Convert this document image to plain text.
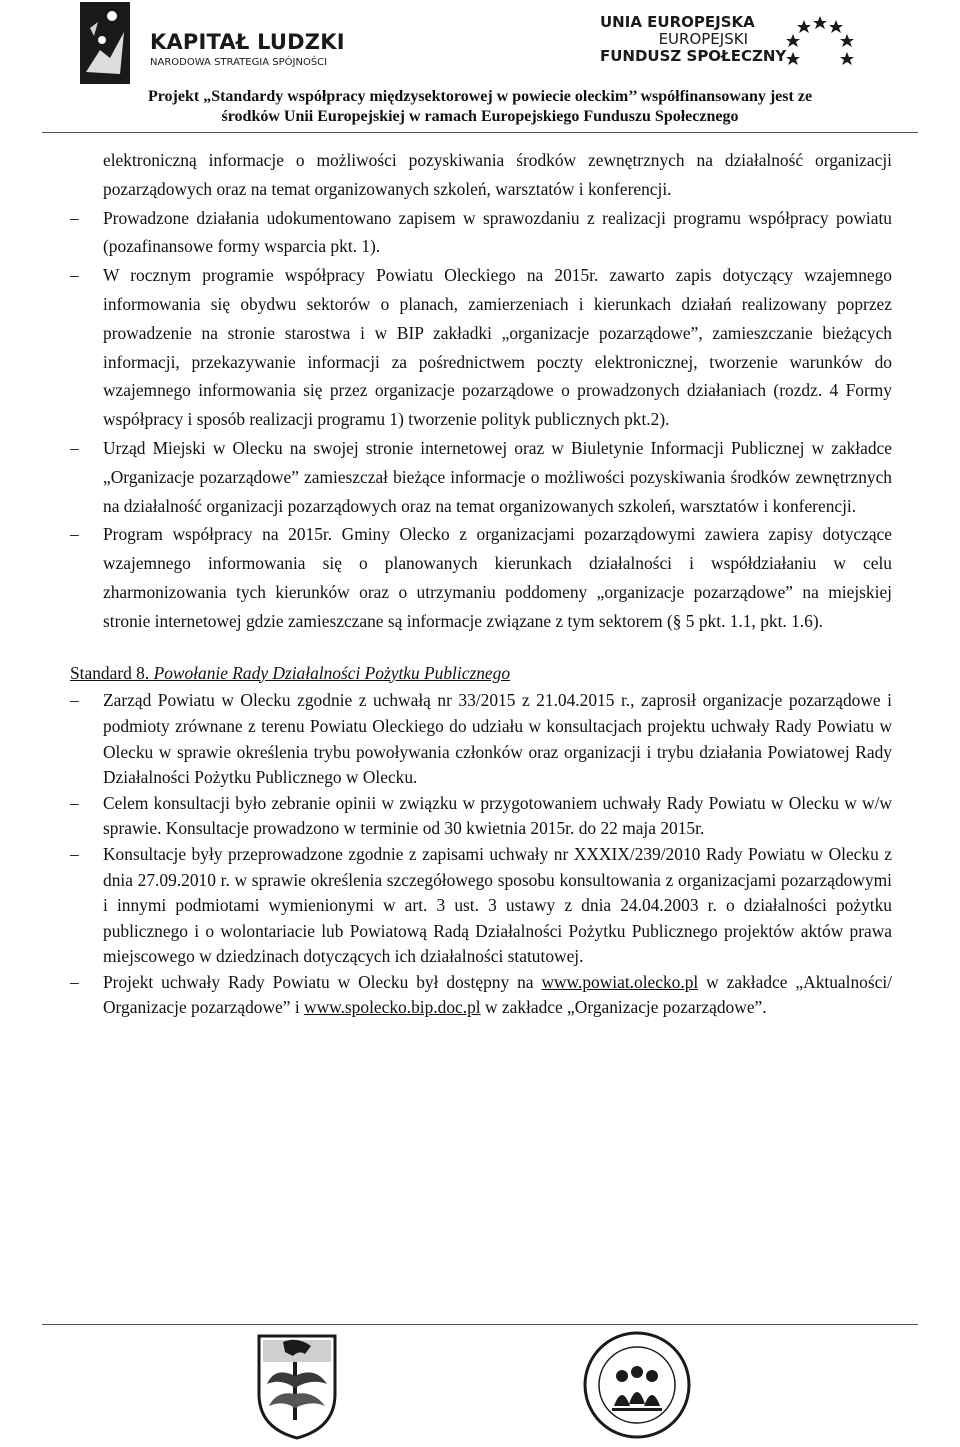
KAPITAŁ LUDZKI
NARODOWA STRATEGIA SPÓJNOŚCI
UNIA EUROPEJSKA
EUROPEJSKI
FUNDUSZ SPOŁECZNY
Projekt „Standardy współpracy międzysektorowej w powiecie oleckim’’ współfinansowany jest ze
środków Unii Europejskiej w ramach Europejskiego Funduszu Społecznego
elektroniczną informacje o możliwości pozyskiwania środków zewnętrznych na działalność organizacji pozarządowych oraz na temat organizowanych szkoleń, warsztatów i konferencji.
– Prowadzone działania udokumentowano zapisem w sprawozdaniu z realizacji programu współpracy powiatu (pozafinansowe formy wsparcia pkt. 1).
– W rocznym programie współpracy Powiatu Oleckiego na 2015r. zawarto zapis dotyczący wzajemnego informowania się obydwu sektorów o planach, zamierzeniach i kierunkach działań realizowany poprzez prowadzenie na stronie starostwa i w BIP zakładki „organizacje pozarządowe”, zamieszczanie bieżących informacji, przekazywanie informacji za pośrednictwem poczty elektronicznej, tworzenie warunków do wzajemnego informowania się przez organizacje pozarządowe o prowadzonych działaniach (rozdz. 4 Formy współpracy i sposób realizacji programu 1) tworzenie polityk publicznych pkt.2).
– Urząd Miejski w Olecku na swojej stronie internetowej oraz w Biuletynie Informacji Publicznej w zakładce „Organizacje pozarządowe” zamieszczał bieżące informacje o możliwości pozyskiwania środków zewnętrznych na działalność organizacji pozarządowych oraz na temat organizowanych szkoleń, warsztatów i konferencji.
– Program współpracy na 2015r. Gminy Olecko z organizacjami pozarządowymi zawiera zapisy dotyczące wzajemnego informowania się o planowanych kierunkach działalności i współdziałaniu w celu zharmonizowania tych kierunków oraz o utrzymaniu poddomeny „organizacje pozarządowe” na miejskiej stronie internetowej gdzie zamieszczane są informacje związane z tym sektorem (§ 5 pkt. 1.1, pkt. 1.6).
Standard 8. Powołanie Rady Działalności Pożytku Publicznego
– Zarząd Powiatu w Olecku zgodnie z uchwałą nr 33/2015 z 21.04.2015 r., zaprosił organizacje pozarządowe i podmioty zrównane z terenu Powiatu Oleckiego do udziału w konsultacjach projektu uchwały Rady Powiatu w Olecku w sprawie określenia trybu powoływania członków oraz organizacji i trybu działania Powiatowej Rady Działalności Pożytku Publicznego w Olecku.
– Celem konsultacji było zebranie opinii w związku w przygotowaniem uchwały Rady Powiatu w Olecku w w/w sprawie. Konsultacje prowadzono w terminie od 30 kwietnia 2015r. do 22 maja 2015r.
– Konsultacje były przeprowadzone zgodnie z zapisami uchwały nr XXXIX/239/2010 Rady Powiatu w Olecku z dnia 27.09.2010 r. w sprawie określenia szczegółowego sposobu konsultowania z organizacjami pozarządowymi i innymi podmiotami wymienionymi w art. 3 ust. 3 ustawy z dnia 24.04.2003 r. o działalności pożytku publicznego i o wolontariacie lub Powiatową Radą Działalności Pożytku Publicznego projektów aktów prawa miejscowego w dziedzinach dotyczących ich działalności statutowej.
– Projekt uchwały Rady Powiatu w Olecku był dostępny na www.powiat.olecko.pl w zakładce „Aktualności/ Organizacje pozarządowe” i www.spolecko.bip.doc.pl w zakładce „Organizacje pozarządowe”.
